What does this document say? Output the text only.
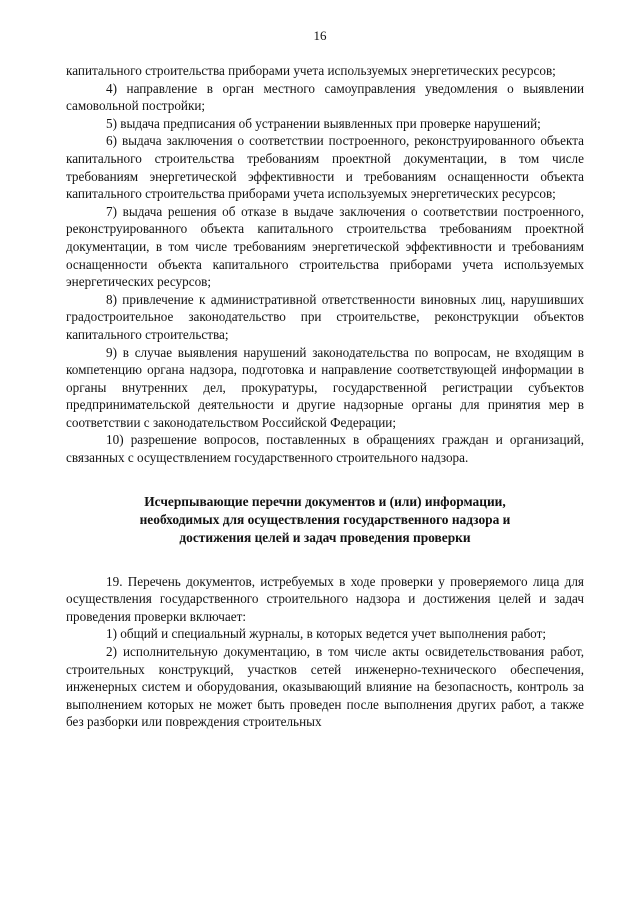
16

капитального строительства приборами учета используемых энергетических ресурсов;

4) направление в орган местного самоуправления уведомления о выявлении самовольной постройки;

5) выдача предписания об устранении выявленных при проверке нарушений;

6) выдача заключения о соответствии построенного, реконструированного объекта капитального строительства требованиям проектной документации, в том числе требованиям энергетической эффективности и требованиям оснащенности объекта капитального строительства приборами учета используемых энергетических ресурсов;

7) выдача решения об отказе в выдаче заключения о соответствии построенного, реконструированного объекта капитального строительства требованиям проектной документации, в том числе требованиям энергетической эффективности и требованиям оснащенности объекта капитального строительства приборами учета используемых энергетических ресурсов;

8) привлечение к административной ответственности виновных лиц, нарушивших градостроительное законодательство при строительстве, реконструкции объектов капитального строительства;

9) в случае выявления нарушений законодательства по вопросам, не входящим в компетенцию органа надзора, подготовка и направление соответствующей информации в органы внутренних дел, прокуратуры, государственной регистрации субъектов предпринимательской деятельности и другие надзорные органы для принятия мер в соответствии с законодательством Российской Федерации;

10) разрешение вопросов, поставленных в обращениях граждан и организаций, связанных с осуществлением государственного строительного надзора.

Исчерпывающие перечни документов и (или) информации,
необходимых для осуществления государственного надзора и
достижения целей и задач проведения проверки

19. Перечень документов, истребуемых в ходе проверки у проверяемого лица для осуществления государственного строительного надзора и достижения целей и задач проведения проверки включает:

1) общий и специальный журналы, в которых ведется учет выполнения работ;

2) исполнительную документацию, в том числе акты освидетельствования работ, строительных конструкций, участков сетей инженерно-технического обеспечения, инженерных систем и оборудования, оказывающий влияние на безопасность, контроль за выполнением которых не может быть проведен после выполнения других работ, а также без разборки или повреждения строительных
